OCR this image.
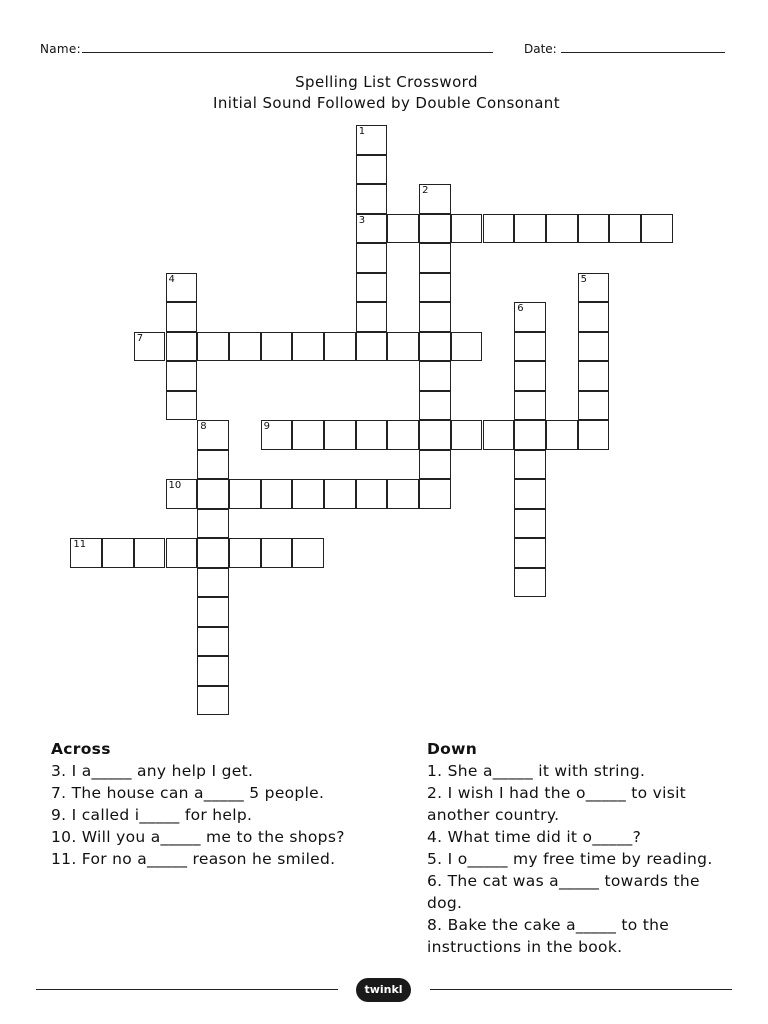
Name:	Date:
Spelling List Crossword
Initial Sound Followed by Double Consonant
1
3
2
4	5
6
7
8	9
10
11
Across
3. I a_____ any help I get.
7. The house can a_____ 5 people.
9. I called i_____ for help.
10. Will you a_____ me to the shops?
11. For no a_____ reason he smiled.
Down
1. She a_____ it with string.
2. I wish I had the o_____ to visit another country.
4. What time did it o_____?
5. I o_____ my free time by reading.
6. The cat was a_____ towards the dog.
8. Bake the cake a_____ to the instructions in the book.
twinkl
